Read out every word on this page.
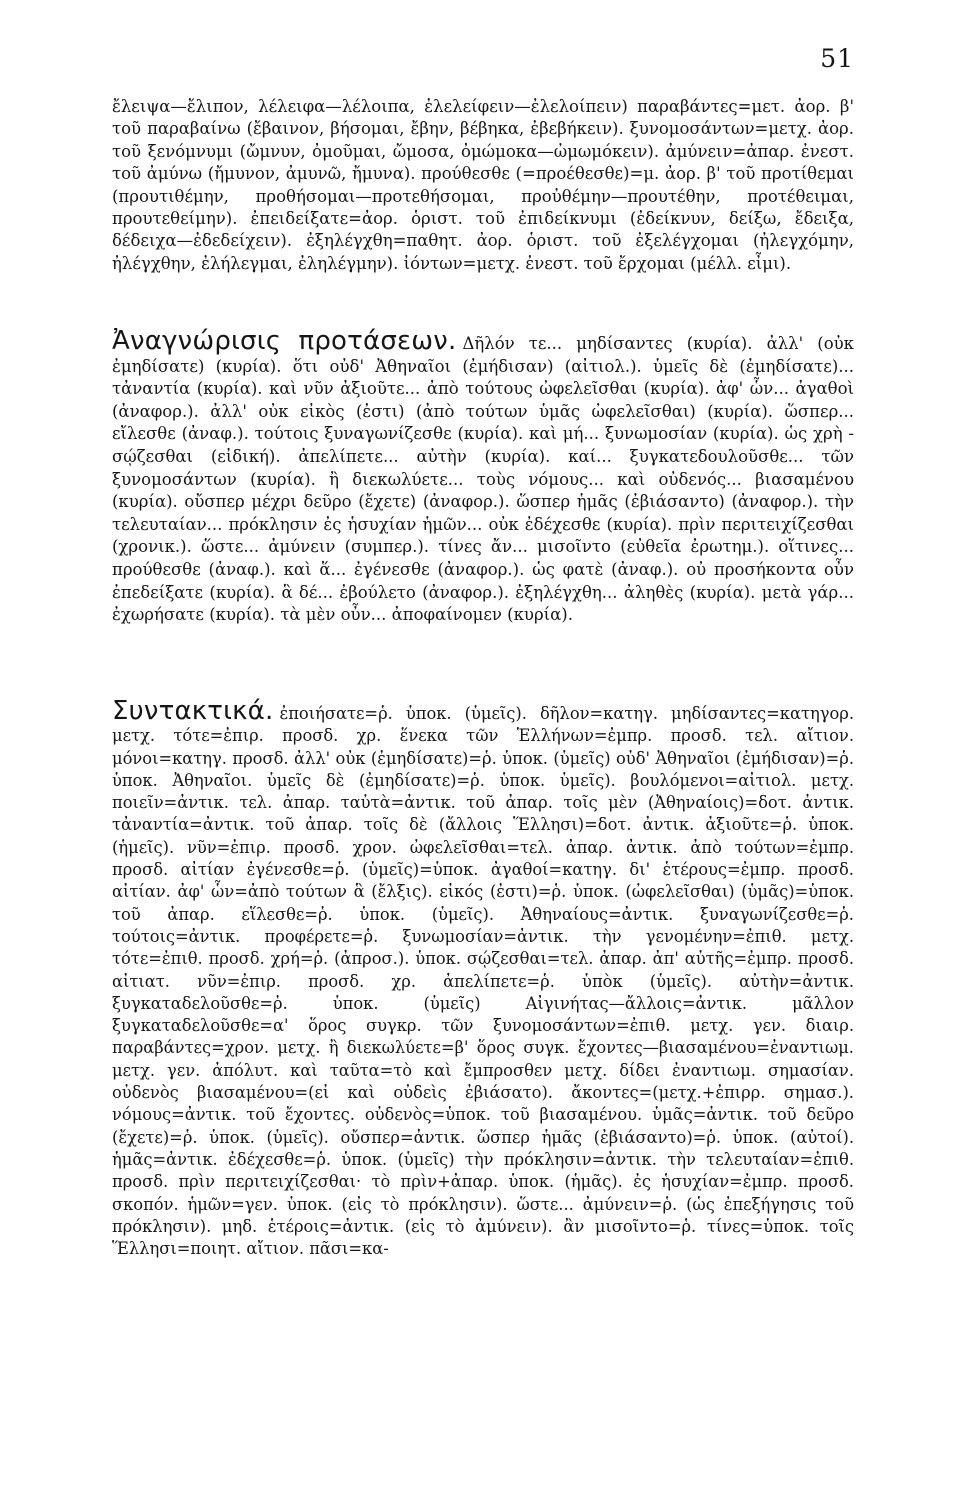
51

ἔλειψα—ἔλιπον, λέλειφα—λέλοιπα, ἐλελείφειν—ἐλελοίπειν) παραβάντες=μετ. ἀορ. β' τοῦ παραβαίνω (ἔβαινον, βήσομαι, ἔβην, βέβηκα, ἐβεβήκειν). ξυνομοσάντων=μετχ. ἀορ. τοῦ ξενόμνυμι (ὤμνυν, ὀμοῦμαι, ὤμοσα, ὀμώμοκα—ὠμωμόκειν). ἀμύνειν=ἀπαρ. ἐνεστ. τοῦ ἀμύνω (ἤμυνον, ἀμυνῶ, ἤμυνα). προύθεσθε (=προέθεσθε)=μ. ἀορ. β' τοῦ προτίθεμαι (προυτιθέμην, προθήσομαι—προτεθήσομαι, προὐθέμην—προυτέθην, προτέθειμαι, προυτεθείμην). ἐπειδείξατε=ἀορ. ὁριστ. τοῦ ἐπιδείκνυμι (ἐδείκνυν, δείξω, ἔδειξα, δέδειχα—ἐδεδείχειν). ἐξηλέγχθη=παθητ. ἀορ. ὁριστ. τοῦ ἐξελέγχομαι (ἠλεγχόμην, ἠλέγχθην, ἐλήλεγμαι, ἐληλέγμην). ἰόντων=μετχ. ἐνεστ. τοῦ ἔρχομαι (μέλλ. εἶμι).

Ἀναγνώρισις προτάσεων. Δῆλόν τε... μηδίσαντες (κυρία). ἀλλ' (οὐκ ἐμηδίσατε) (κυρία). ὅτι οὐδ' Ἀθηναῖοι (ἐμήδισαν) (αἰτιολ.). ὑμεῖς δὲ (ἐμηδίσατε)... τἀναντία (κυρία). καὶ νῦν ἀξιοῦτε... ἀπὸ τούτους ὠφελεῖσθαι (κυρία). ἀφ' ὧν... ἀγαθοὶ (ἀναφορ.). ἀλλ' οὐκ εἰκὸς (ἐστι) (ἀπὸ τούτων ὑμᾶς ὠφελεῖσθαι) (κυρία). ὥσπερ... εἴλεσθε (ἀναφ.). τούτοις ξυναγωνίζεσθε (κυρία). καὶ μή... ξυνωμοσίαν (κυρία). ὡς χρὴ - σῴζεσθαι (εἰδική). ἀπελίπετε... αὐτὴν (κυρία). καί... ξυγκατεδουλοῦσθε... τῶν ξυνομοσάντων (κυρία). ἢ διεκωλύετε... τοὺς νόμους... καὶ οὐδενός... βιασαμένου (κυρία). οὔσπερ μέχρι δεῦρο (ἔχετε) (ἀναφορ.). ὥσπερ ἡμᾶς (ἐβιάσαντο) (ἀναφορ.). τὴν τελευταίαν... πρόκλησιν ἐς ἡσυχίαν ἡμῶν... οὐκ ἐδέχεσθε (κυρία). πρὶν περιτειχίζεσθαι (χρονικ.). ὥστε... ἀμύνειν (συμπερ.). τίνες ἄν... μισοῖντο (εὐθεῖα ἐρωτημ.). οἵτινες... προύθεσθε (ἀναφ.). καὶ ἅ... ἐγένεσθε (ἀναφορ.). ὡς φατὲ (ἀναφ.). οὐ προσήκοντα οὖν ἐπεδείξατε (κυρία). ἃ δέ... ἐβούλετο (ἀναφορ.). ἐξηλέγχθη... ἀληθὲς (κυρία). μετὰ γάρ... ἐχωρήσατε (κυρία). τὰ μὲν οὖν... ἀποφαίνομεν (κυρία).

Συντακτικά. ἐποιήσατε=ῥ. ὑποκ. (ὑμεῖς). δῆλον=κατηγ. μηδίσαντες=κατηγορ. μετχ. τότε=ἐπιρ. προσδ. χρ. ἕνεκα τῶν Ἑλλήνων=ἐμπρ. προσδ. τελ. αἴτιον. μόνοι=κατηγ. προσδ. ἀλλ' οὐκ (ἐμηδίσατε)=ῥ. ὑποκ. (ὑμεῖς) οὐδ' Ἀθηναῖοι (ἐμήδισαν)=ῥ. ὑποκ. Ἀθηναῖοι. ὑμεῖς δὲ (ἐμηδίσατε)=ῥ. ὑποκ. ὑμεῖς). βουλόμενοι=αἰτιολ. μετχ. ποιεῖν=ἀντικ. τελ. ἀπαρ. ταὐτὰ=ἀντικ. τοῦ ἀπαρ. τοῖς μὲν (Ἀθηναίοις)=δοτ. ἀντικ. τἀναντία=ἀντικ. τοῦ ἀπαρ. τοῖς δὲ (ἄλλοις Ἕλλησι)=δοτ. ἀντικ. ἀξιοῦτε=ῥ. ὑποκ. (ἡμεῖς). νῦν=ἐπιρ. προσδ. χρον. ὠφελεῖσθαι=τελ. ἀπαρ. ἀντικ. ἀπὸ τούτων=ἐμπρ. προσδ. αἰτίαν ἐγένεσθε=ῥ. (ὑμεῖς)=ὑποκ. ἀγαθοί=κατηγ. δι' ἑτέρους=ἐμπρ. προσδ. αἰτίαν. ἀφ' ὧν=ἀπὸ τούτων ἃ (ἔλξις). εἰκός (ἐστι)=ῥ. ὑποκ. (ὠφελεῖσθαι) (ὑμᾶς)=ὑποκ. τοῦ ἀπαρ. εἵλεσθε=ῥ. ὑποκ. (ὑμεῖς). Ἀθηναίους=ἀντικ. ξυναγωνίζεσθε=ῥ. τούτοις=ἀντικ. προφέρετε=ῥ. ξυνωμοσίαν=ἀντικ. τὴν γενομένην=ἐπιθ. μετχ. τότε=ἐπιθ. προσδ. χρή=ῥ. (ἀπροσ.). ὑποκ. σῴζεσθαι=τελ. ἀπαρ. ἀπ' αὐτῆς=ἐμπρ. προσδ. αἰτιατ. νῦν=ἐπιρ. προσδ. χρ. ἀπελίπετε=ῥ. ὑπὸκ (ὑμεῖς). αὐτὴν=ἀντικ. ξυγκαταδελοῦσθε=ῥ. ὑποκ. (ὑμεῖς) Αἰγινήτας—ἄλλοις=ἀντικ. μᾶλλον ξυγκαταδελοῦσθε=α' ὅρος συγκρ. τῶν ξυνομοσάντων=ἐπιθ. μετχ. γεν. διαιρ. παραβάντες=χρον. μετχ. ἢ διεκωλύετε=β' ὅρος συγκ. ἔχοντες—βιασαμένου=ἐναντιωμ. μετχ. γεν. ἀπόλυτ. καὶ ταῦτα=τὸ καὶ ἔμπροσθεν μετχ. δίδει ἐναντιωμ. σημασίαν. οὐδενὸς βιασαμένου=(εἰ καὶ οὐδεὶς ἐβιάσατο). ἄκοντες=(μετχ.+ἐπιρρ. σημασ.). νόμους=ἀντικ. τοῦ ἔχοντες. οὐδενὸς=ὑποκ. τοῦ βιασαμένου. ὑμᾶς=ἀντικ. τοῦ δεῦρο (ἔχετε)=ῥ. ὑποκ. (ὑμεῖς). οὔσπερ=ἀντικ. ὥσπερ ἡμᾶς (ἐβιάσαντο)=ῥ. ὑποκ. (αὐτοί). ἡμᾶς=ἀντικ. ἐδέχεσθε=ῥ. ὑποκ. (ὑμεῖς) τὴν πρόκλησιν=ἀντικ. τὴν τελευταίαν=ἐπιθ. προσδ. πρὶν περιτειχίζεσθαι· τὸ πρὶν+ἀπαρ. ὑποκ. (ἡμᾶς). ἐς ἡσυχίαν=ἐμπρ. προσδ. σκοπόν. ἡμῶν=γεν. ὑποκ. (εἰς τὸ πρόκλησιν). ὥστε... ἀμύνειν=ῥ. (ὡς ἐπεξήγησις τοῦ πρόκλησιν). μηδ. ἑτέροις=ἀντικ. (εἰς τὸ ἀμύνειν). ἂν μισοῖντο=ῥ. τίνες=ὑποκ. τοῖς Ἕλλησι=ποιητ. αἴτιον. πᾶσι=κα-
